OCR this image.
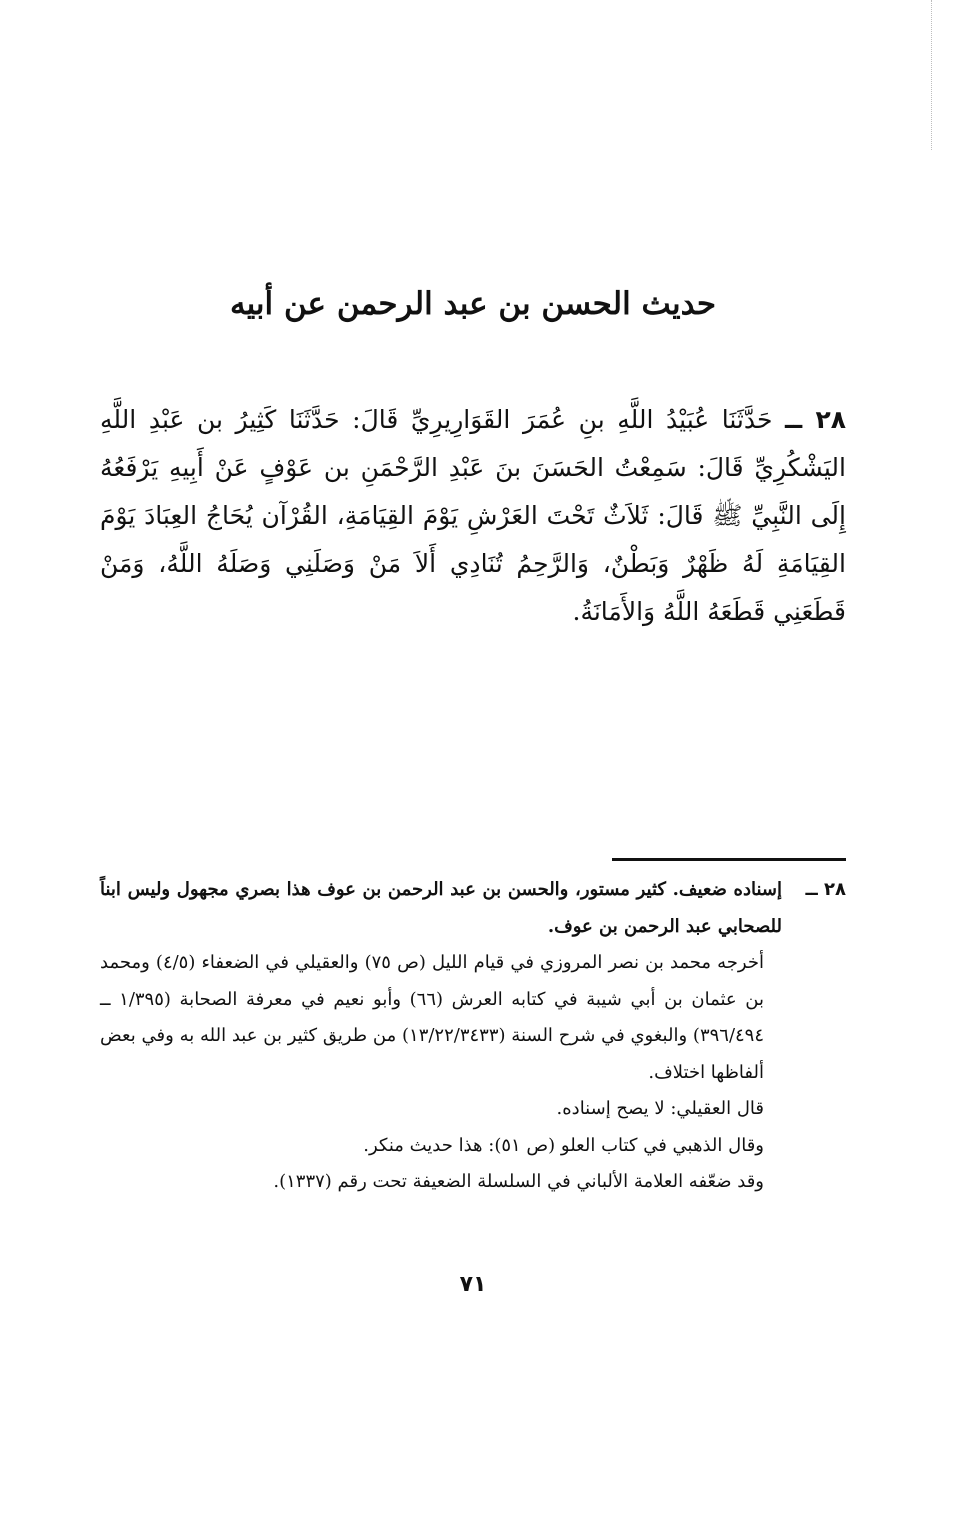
حديث الحسن بن عبد الرحمن عن أبيه

٢٨ ــ حَدَّثَنَا عُبَيْدُ اللَّهِ بنِ عُمَرَ القَوَارِيرِيِّ قَالَ: حَدَّثَنَا كَثِيرُ بن عَبْدِ اللَّهِ اليَشْكُرِيِّ قَالَ: سَمِعْتُ الحَسَنَ بنَ عَبْدِ الرَّحْمَنِ بن عَوْفٍ عَنْ أَبِيهِ يَرْفَعُهُ إِلَى النَّبِيِّ ﷺ قَالَ: ثَلاَثٌ تَحْتَ العَرْشِ يَوْمَ القِيَامَةِ، القُرْآن يُحَاجُ العِبَادَ يَوْمَ القِيَامَةِ لَهُ ظَهْرٌ وَبَطْنٌ، وَالرَّحِمُ تُنَادِي أَلاَ مَنْ وَصَلَنِي وَصَلَهُ اللَّهُ، وَمَنْ قَطَعَنِي قَطَعَهُ اللَّهُ وَالأَمَانَةُ.

٢٨ ــ
إسناده ضعيف. كثير مستور، والحسن بن عبد الرحمن بن عوف هذا بصري مجهول وليس ابناً للصحابي عبد الرحمن بن عوف.

أخرجه محمد بن نصر المروزي في قيام الليل (ص ٧٥) والعقيلي في الضعفاء (٤/٥) ومحمد بن عثمان بن أبي شيبة في كتابه العرش (٦٦) وأبو نعيم في معرفة الصحابة (١/٣٩٥ ــ ٣٩٦/٤٩٤) والبغوي في شرح السنة (١٣/٢٢/٣٤٣٣) من طريق كثير بن عبد الله به وفي بعض ألفاظها اختلاف.

قال العقيلي: لا يصح إسناده.

وقال الذهبي في كتاب العلو (ص ٥١): هذا حديث منكر.

وقد ضعّفه العلامة الألباني في السلسلة الضعيفة تحت رقم (١٣٣٧).

٧١
